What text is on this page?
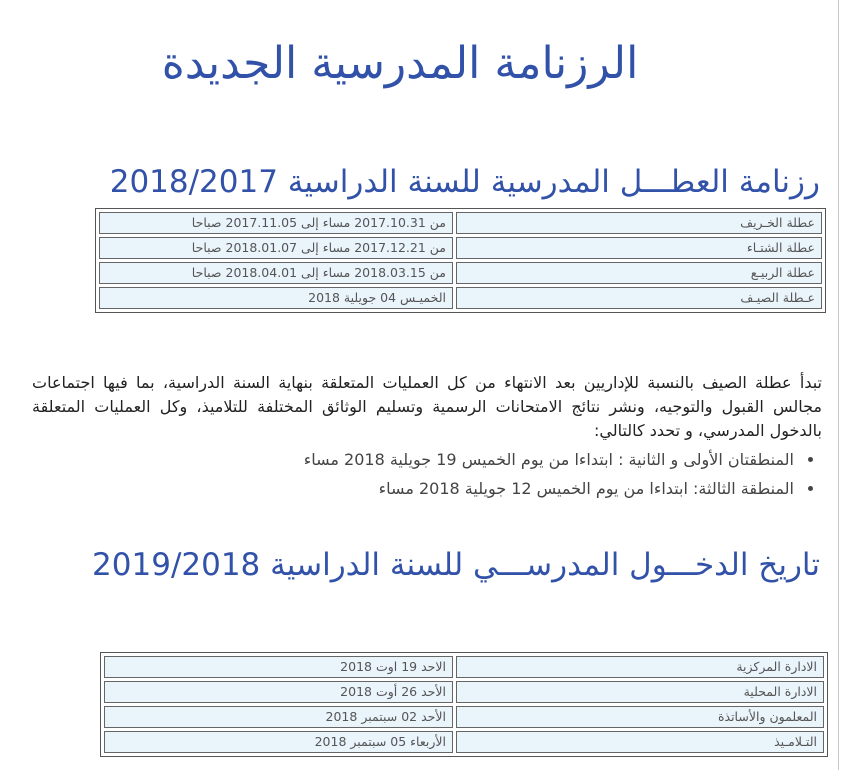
الرزنامة المدرسية الجديدة
رزنامة العطـــل المدرسية للسنة الدراسية 2018/2017
عطلة الخـريف	من 2017.10.31 مساء إلى 2017.11.05 صباحا
عطلة الشتـاء	من 2017.12.21 مساء إلى 2018.01.07 صباحا
عطلة الربيـع	من 2018.03.15 مساء إلى 2018.04.01 صباحا
عـطلة الصيـف	الخميـس 04 جويلية 2018

تبدأ عطلة الصيف بالنسبة للإداريين بعد الانتهاء من كل العمليات المتعلقة بنهاية السنة الدراسية، بما فيها اجتماعات مجالس القبول والتوجيه، ونشر نتائج الامتحانات الرسمية وتسليم الوثائق المختلفة للتلاميذ، وكل العمليات المتعلقة بالدخول المدرسي، و تحدد كالتالي:

• المنطقتان الأولى و الثانية : ابتداءا من يوم الخميس 19 جويلية 2018 مساء
• المنطقة الثالثة: ابتداءا من يوم الخميس 12 جويلية 2018 مساء
تاريخ الدخـــول المدرســـي للسنة الدراسية 2019/2018
الادارة المركزية	الاحد 19 اوت 2018
الادارة المحلية	الأحد 26 أوت 2018
المعلمون والأساتذة	الأحد 02 سبتمبر 2018
التـلامـيذ	الأربعاء 05 سبتمبر 2018
